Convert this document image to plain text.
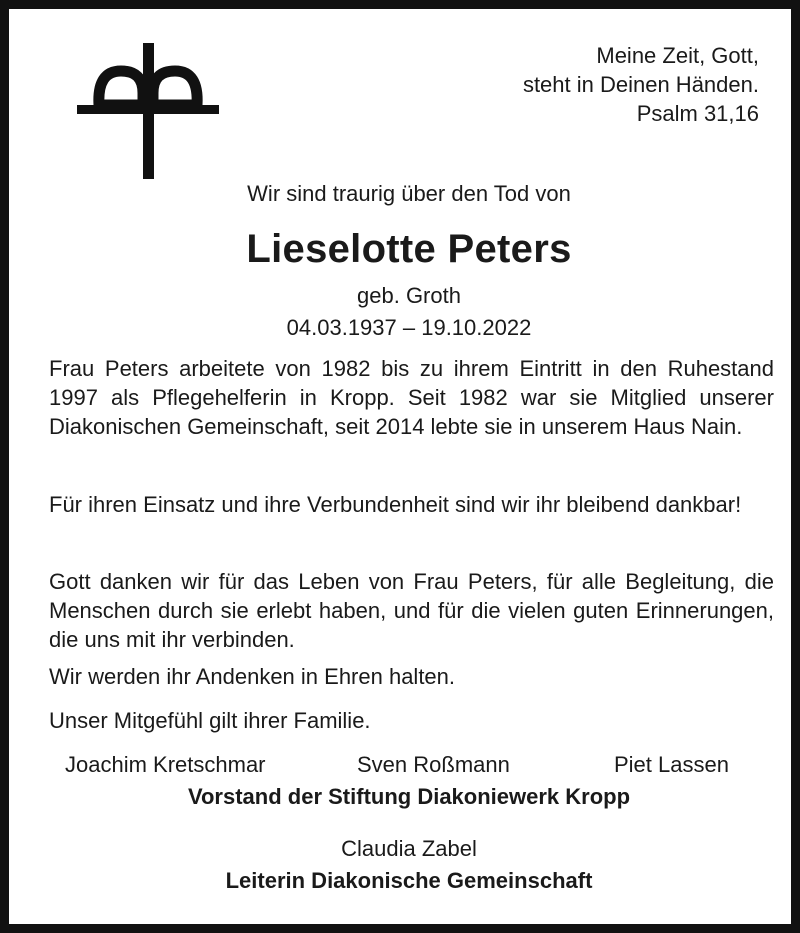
Meine Zeit, Gott,
steht in Deinen Händen.
Psalm 31,16
Wir sind traurig über den Tod von
Lieselotte Peters
geb. Groth
04.03.1937 – 19.10.2022

Frau Peters arbeitete von 1982 bis zu ihrem Eintritt in den Ruhestand 1997 als Pflegehelferin in Kropp. Seit 1982 war sie Mitglied unserer Diakonischen Gemeinschaft, seit 2014 lebte sie in unserem Haus Nain.

Für ihren Einsatz und ihre Verbundenheit sind wir ihr bleibend dankbar!

Gott danken wir für das Leben von Frau Peters, für alle Begleitung, die Menschen durch sie erlebt haben, und für die vielen guten Erinnerungen, die uns mit ihr verbinden.

Wir werden ihr Andenken in Ehren halten.

Unser Mitgefühl gilt ihrer Familie.

Joachim Kretschmar	Sven Roßmann	Piet Lassen
Vorstand der Stiftung Diakoniewerk Kropp
Claudia Zabel
Leiterin Diakonische Gemeinschaft
